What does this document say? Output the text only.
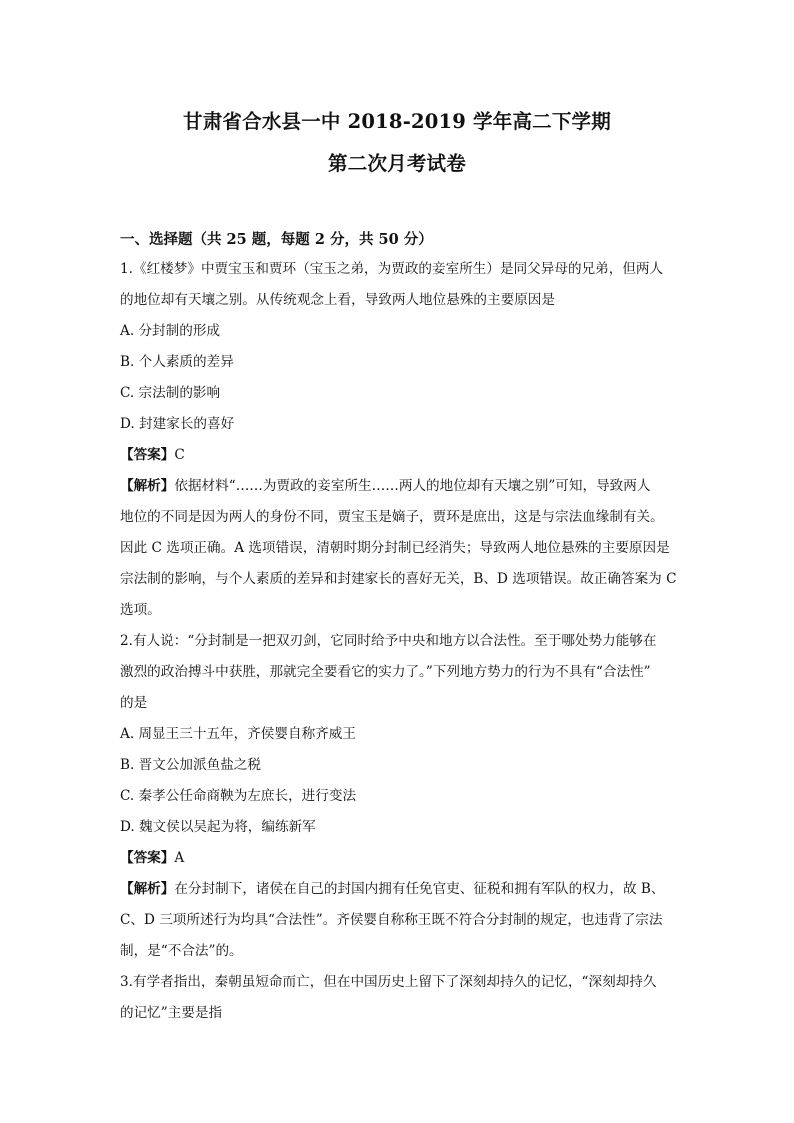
甘肃省合水县一中 2018-2019 学年高二下学期
第二次月考试卷
一、选择题（共 25 题，每题 2 分，共 50 分）
1.《红楼梦》中贾宝玉和贾环（宝玉之弟，为贾政的妾室所生）是同父异母的兄弟，但两人
的地位却有天壤之别。从传统观念上看，导致两人地位悬殊的主要原因是
A. 分封制的形成
B. 个人素质的差异
C. 宗法制的影响
D. 封建家长的喜好
【答案】C
【解析】依据材料“……为贾政的妾室所生……两人的地位却有天壤之别”可知，导致两人
地位的不同是因为两人的身份不同，贾宝玉是嫡子，贾环是庶出，这是与宗法血缘制有关。
因此 C 选项正确。A 选项错误，清朝时期分封制已经消失；导致两人地位悬殊的主要原因是
宗法制的影响，与个人素质的差异和封建家长的喜好无关，B、D 选项错误。故正确答案为 C
选项。
2.有人说：“分封制是一把双刃剑，它同时给予中央和地方以合法性。至于哪处势力能够在
激烈的政治搏斗中获胜，那就完全要看它的实力了。”下列地方势力的行为不具有“合法性”
的是
A. 周显王三十五年，齐侯婴自称齐威王
B. 晋文公加派鱼盐之税
C. 秦孝公任命商鞅为左庶长，进行变法
D. 魏文侯以吴起为将，编练新军
【答案】A
【解析】在分封制下，诸侯在自己的封国内拥有任免官吏、征税和拥有军队的权力，故 B、
C、D 三项所述行为均具“合法性”。齐侯婴自称称王既不符合分封制的规定，也违背了宗法
制，是“不合法”的。
3.有学者指出，秦朝虽短命而亡，但在中国历史上留下了深刻却持久的记忆，“深刻却持久
的记忆”主要是指
